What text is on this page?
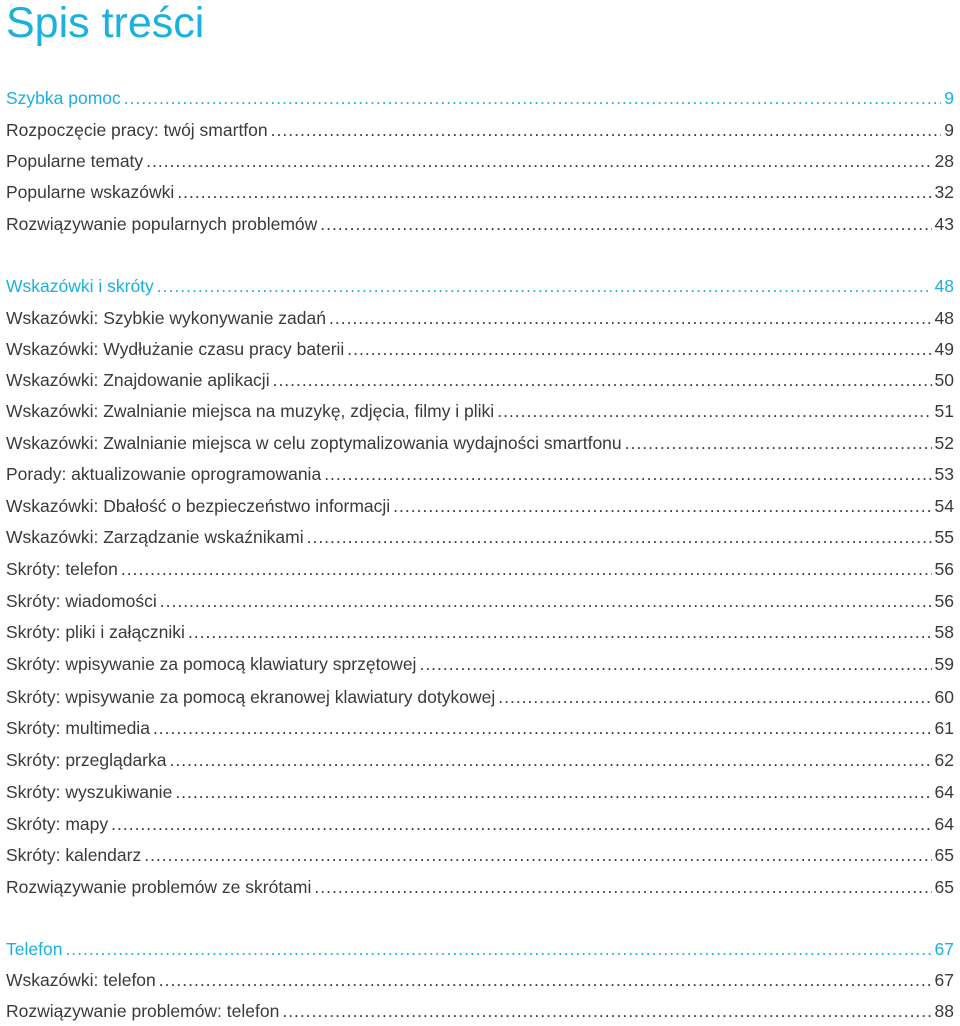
Spis treści
Szybka pomoc .....	9
Rozpoczęcie pracy: twój smartfon .....	9
Popularne tematy .....	28
Popularne wskazówki .....	32
Rozwiązywanie popularnych problemów .....	43
Wskazówki i skróty .....	48
Wskazówki: Szybkie wykonywanie zadań .....	48
Wskazówki: Wydłużanie czasu pracy baterii .....	49
Wskazówki: Znajdowanie aplikacji .....	50
Wskazówki: Zwalnianie miejsca na muzykę, zdjęcia, filmy i pliki .....	51
Wskazówki: Zwalnianie miejsca w celu zoptymalizowania wydajności smartfonu .....	52
Porady: aktualizowanie oprogramowania .....	53
Wskazówki: Dbałość o bezpieczeństwo informacji .....	54
Wskazówki: Zarządzanie wskaźnikami .....	55
Skróty: telefon .....	56
Skróty: wiadomości .....	56
Skróty: pliki i załączniki .....	58
Skróty: wpisywanie za pomocą klawiatury sprzętowej .....	59
Skróty: wpisywanie za pomocą ekranowej klawiatury dotykowej .....	60
Skróty: multimedia .....	61
Skróty: przeglądarka .....	62
Skróty: wyszukiwanie .....	64
Skróty: mapy .....	64
Skróty: kalendarz .....	65
Rozwiązywanie problemów ze skrótami .....	65
Telefon .....	67
Wskazówki: telefon .....	67
Rozwiązywanie problemów: telefon .....	88
